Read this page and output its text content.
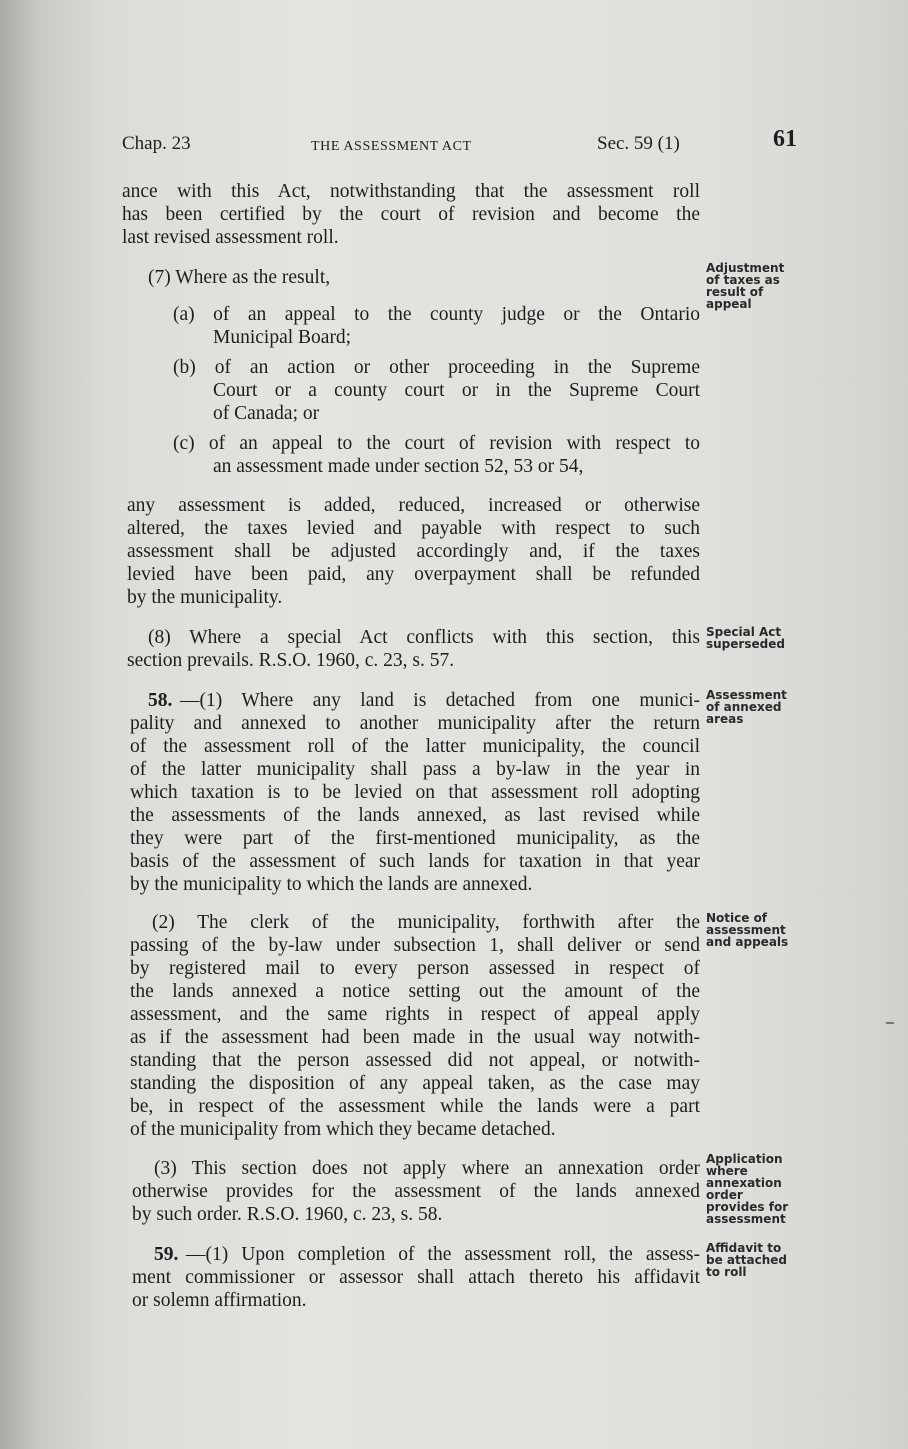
Chap. 23	THE ASSESSMENT ACT	Sec. 59 (1)	61
ance with this Act, notwithstanding that the assessment roll
has been certified by the court of revision and become the
last revised assessment roll.
(7) Where as the result,
(a) of an appeal to the county judge or the Ontario
Municipal Board;
(b) of an action or other proceeding in the Supreme
Court or a county court or in the Supreme Court
of Canada; or
(c) of an appeal to the court of revision with respect to
an assessment made under section 52, 53 or 54,
any assessment is added, reduced, increased or otherwise
altered, the taxes levied and payable with respect to such
assessment shall be adjusted accordingly and, if the taxes
levied have been paid, any overpayment shall be refunded
by the municipality.
(8) Where a special Act conflicts with this section, this
section prevails. R.S.O. 1960, c. 23, s. 57.
58. —(1) Where any land is detached from one munici-
pality and annexed to another municipality after the return
of the assessment roll of the latter municipality, the council
of the latter municipality shall pass a by-law in the year in
which taxation is to be levied on that assessment roll adopting
the assessments of the lands annexed, as last revised while
they were part of the first-mentioned municipality, as the
basis of the assessment of such lands for taxation in that year
by the municipality to which the lands are annexed.
(2) The clerk of the municipality, forthwith after the
passing of the by-law under subsection 1, shall deliver or send
by registered mail to every person assessed in respect of
the lands annexed a notice setting out the amount of the
assessment, and the same rights in respect of appeal apply
as if the assessment had been made in the usual way notwith-
standing that the person assessed did not appeal, or notwith-
standing the disposition of any appeal taken, as the case may
be, in respect of the assessment while the lands were a part
of the municipality from which they became detached.
(3) This section does not apply where an annexation order
otherwise provides for the assessment of the lands annexed
by such order. R.S.O. 1960, c. 23, s. 58.
59. —(1) Upon completion of the assessment roll, the assess-
ment commissioner or assessor shall attach thereto his affidavit
or solemn affirmation.
Adjustment
of taxes as
result of
appeal
Special Act
superseded
Assessment
of annexed
areas
Notice of
assessment
and appeals
Application
where
annexation
order
provides for
assessment
Affidavit to
be attached
to roll
